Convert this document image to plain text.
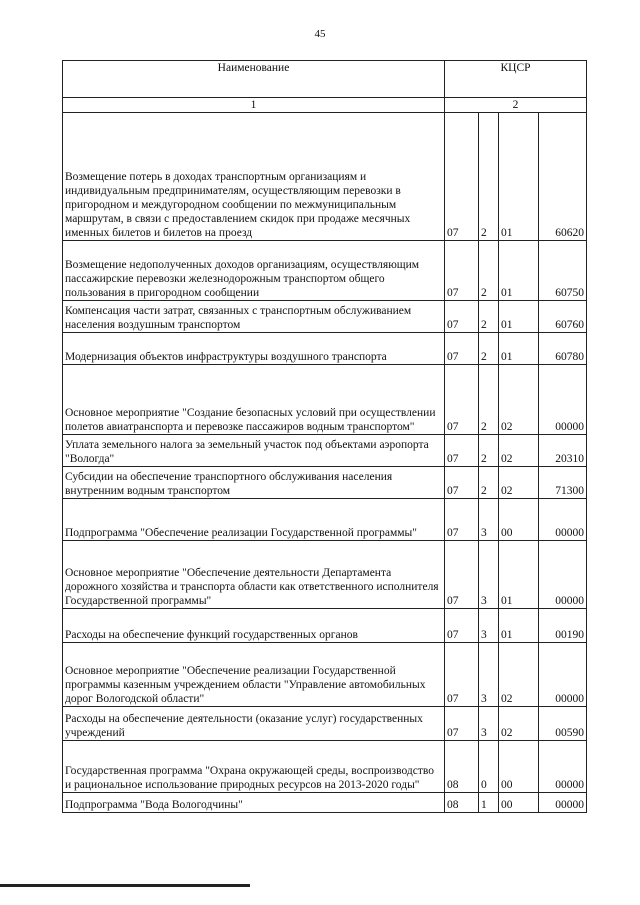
45
Наименование	КЦСР			
1	2			
Возмещение потерь в доходах транспортным организациям и индивидуальным предпринимателям, осуществляющим перевозки в пригородном и междугородном сообщении по межмуниципальным маршрутам, в связи с предоставлением скидок при продаже месячных именных билетов и билетов на проезд	07	2	01	60620
Возмещение недополученных доходов организациям, осуществляющим пассажирские перевозки железнодорожным транспортом общего пользования в пригородном сообщении	07	2	01	60750
Компенсация части затрат, связанных с транспортным обслуживанием населения воздушным транспортом	07	2	01	60760
Модернизация объектов инфраструктуры воздушного транспорта	07	2	01	60780
Основное мероприятие "Создание безопасных условий при осуществлении полетов авиатранспорта и перевозке пассажиров водным транспортом"	07	2	02	00000
Уплата земельного налога за земельный участок под объектами аэропорта "Вологда"	07	2	02	20310
Субсидии на обеспечение транспортного обслуживания населения внутренним водным транспортом	07	2	02	71300
Подпрограмма "Обеспечение реализации Государственной программы"	07	3	00	00000
Основное мероприятие "Обеспечение деятельности Департамента дорожного хозяйства и транспорта области как ответственного исполнителя Государственной программы"	07	3	01	00000
Расходы на обеспечение функций государственных органов	07	3	01	00190
Основное мероприятие "Обеспечение реализации Государственной программы казенным учреждением области "Управление автомобильных дорог Вологодской области"	07	3	02	00000
Расходы на обеспечение деятельности (оказание услуг) государственных учреждений	07	3	02	00590
Государственная программа "Охрана окружающей среды, воспроизводство и рациональное использование природных ресурсов на 2013-2020 годы"	08	0	00	00000
Подпрограмма "Вода Вологодчины"	08	1	00	00000
